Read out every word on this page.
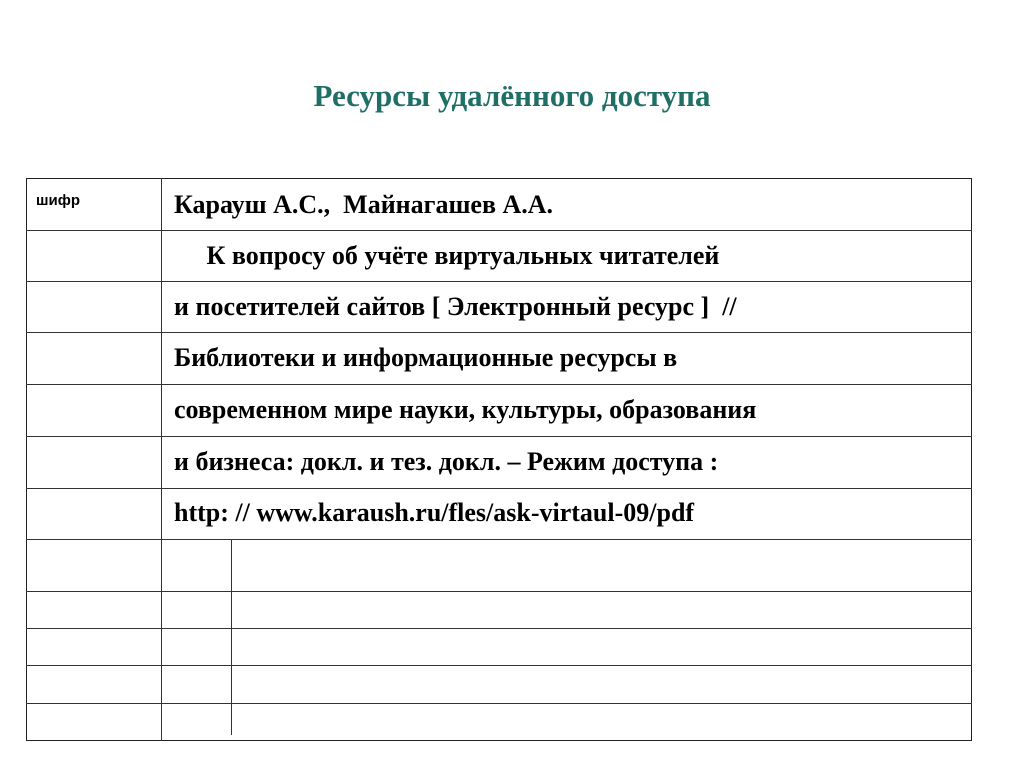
Ресурсы удалённого доступа
шифр	Карауш А.С.,  Майнагашев А.А.
К вопросу об учёте виртуальных читателей
и посетителей сайтов [ Электронный ресурс ]  //
Библиотеки и информационные ресурсы в
современном мире науки, культуры, образования
и бизнеса: докл. и тез. докл. – Режим доступа :
http: // www.karaush.ru/fles/ask-virtaul-09/pdf
